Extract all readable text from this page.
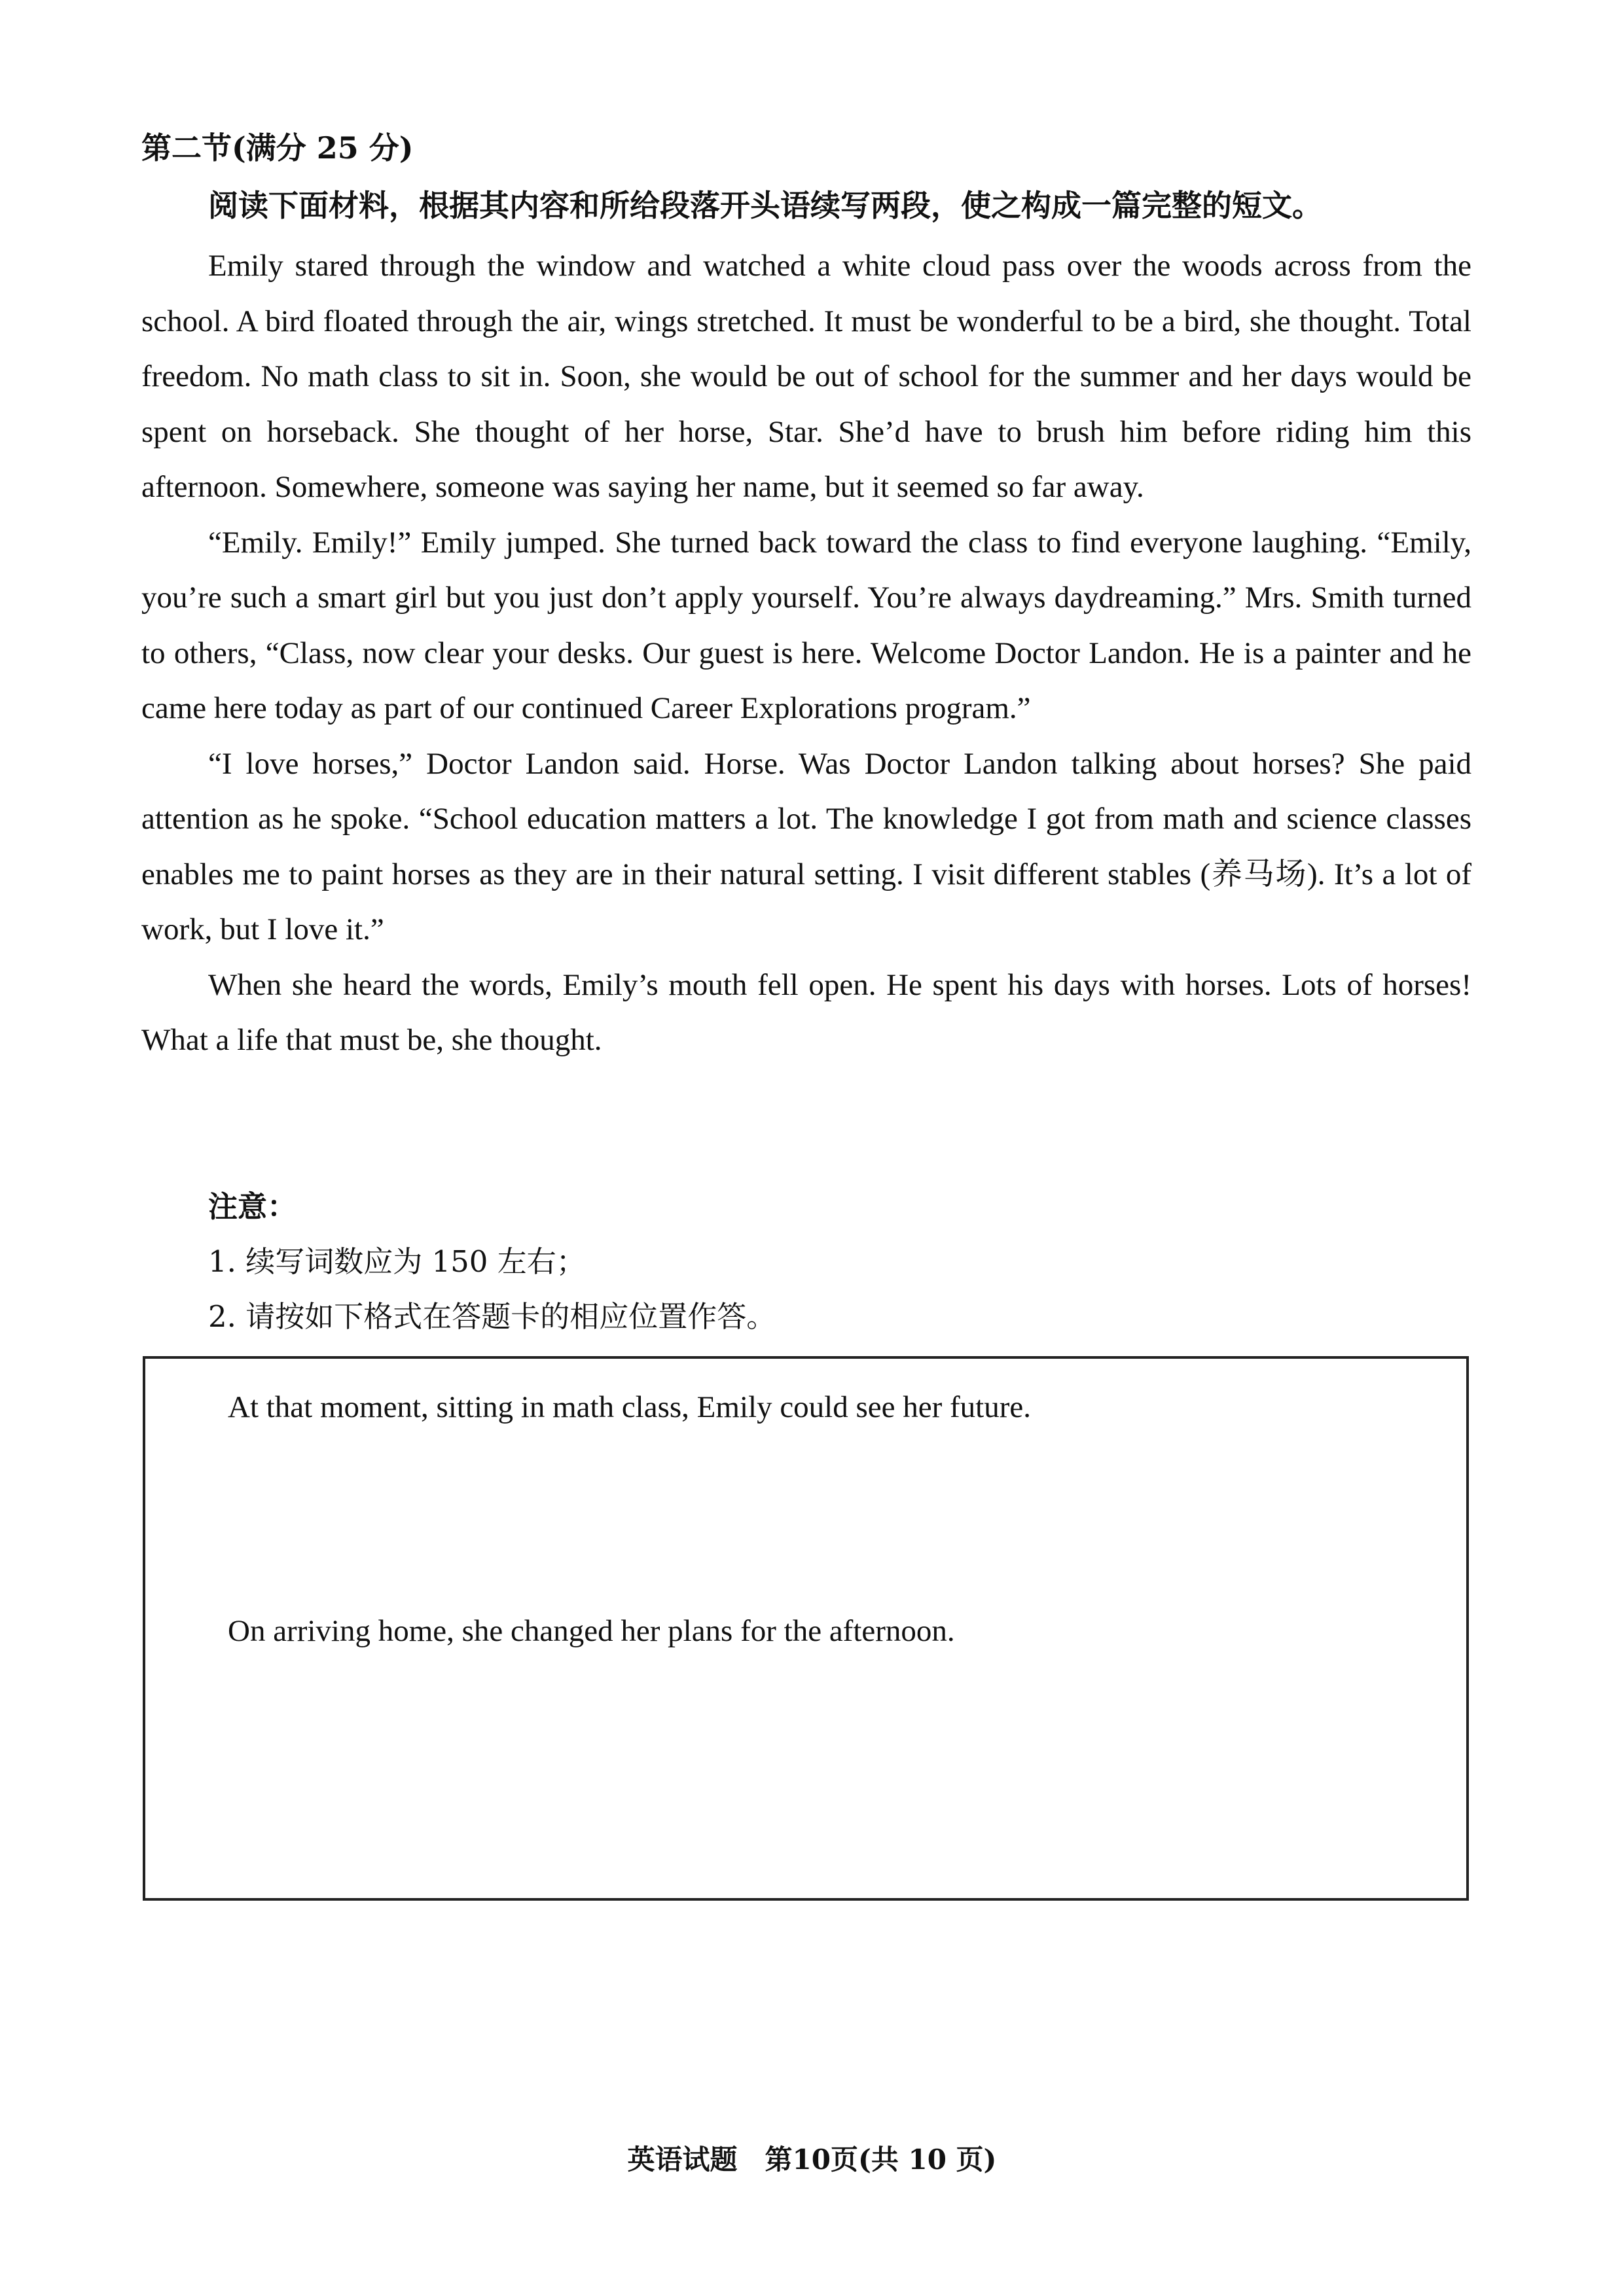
第二节(满分 25 分)
阅读下面材料，根据其内容和所给段落开头语续写两段，使之构成一篇完整的短文。

Emily stared through the window and watched a white cloud pass over the woods across from the school. A bird floated through the air, wings stretched. It must be wonderful to be a bird, she thought. Total freedom. No math class to sit in. Soon, she would be out of school for the summer and her days would be spent on horseback. She thought of her horse, Star. She’d have to brush him before riding him this afternoon. Somewhere, someone was saying her name, but it seemed so far away.

“Emily. Emily!” Emily jumped. She turned back toward the class to find everyone laughing. “Emily, you’re such a smart girl but you just don’t apply yourself. You’re always daydreaming.” Mrs. Smith turned to others, “Class, now clear your desks. Our guest is here. Welcome Doctor Landon. He is a painter and he came here today as part of our continued Career Explorations program.”

“I love horses,” Doctor Landon said. Horse. Was Doctor Landon talking about horses? She paid attention as he spoke. “School education matters a lot. The knowledge I got from math and science classes enables me to paint horses as they are in their natural setting. I visit different stables (养马场). It’s a lot of work, but I love it.”

When she heard the words, Emily’s mouth fell open. He spent his days with horses. Lots of horses! What a life that must be, she thought.

注意：
1. 续写词数应为 150 左右；
2. 请按如下格式在答题卡的相应位置作答。
At that moment, sitting in math class, Emily could see her future.
On arriving home, she changed her plans for the afternoon.
英语试题　第10页(共 10 页)
